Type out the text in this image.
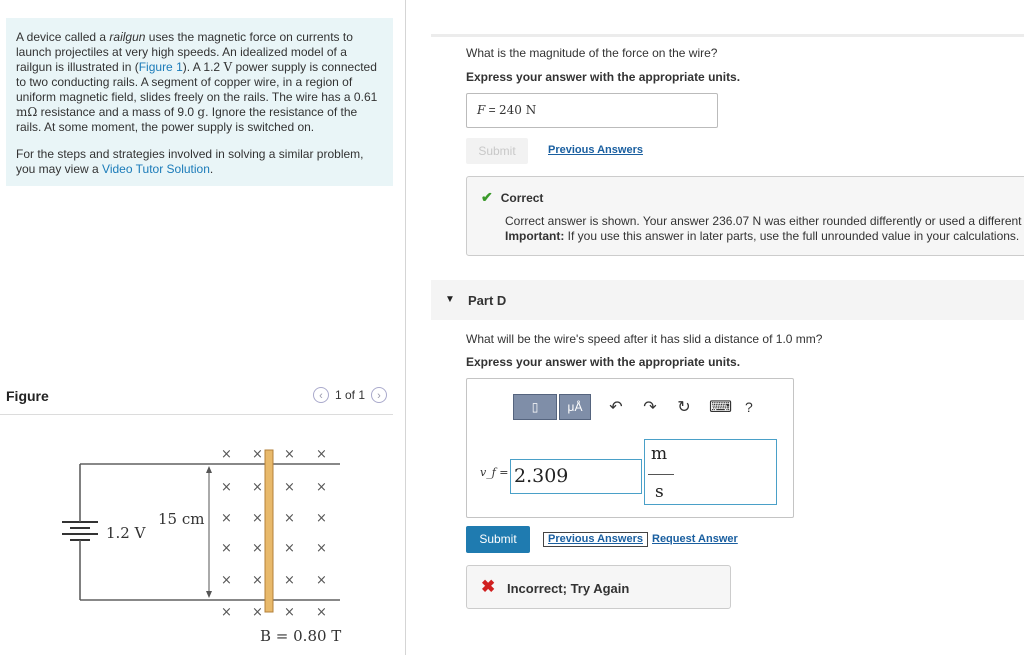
A device called a railgun uses the magnetic force on currents to launch projectiles at very high speeds. An idealized model of a railgun is illustrated in (Figure 1). A 1.2 V power supply is connected to two conducting rails. A segment of copper wire, in a region of uniform magnetic field, slides freely on the rails. The wire has a 0.61 mΩ resistance and a mass of 9.0 g. Ignore the resistance of the rails. At some moment, the power supply is switched on.

For the steps and strategies involved in solving a similar problem, you may view a Video Tutor Solution.

Figure	‹	1 of 1	›
1.2 V
15 cm
× × × ×
× × × ×
× × × ×
× × × ×
× × × ×
× × × ×
B = 0.80 T
What is the magnitude of the force on the wire?
Express your answer with the appropriate units.
F = 240 N
Submit	Previous Answers
✔ Correct
Correct answer is shown. Your answer 236.07 N was either rounded differently or used a different
Important: If you use this answer in later parts, use the full unrounded value in your calculations.
▼ Part D
What will be the wire's speed after it has slid a distance of 1.0 mm?
Express your answer with the appropriate units.
▯	μÅ	↶ ↷ ↻ ⌨ ?
v_f = 2.309
m
s
Submit	Previous Answers Request Answer
✖ Incorrect; Try Again
